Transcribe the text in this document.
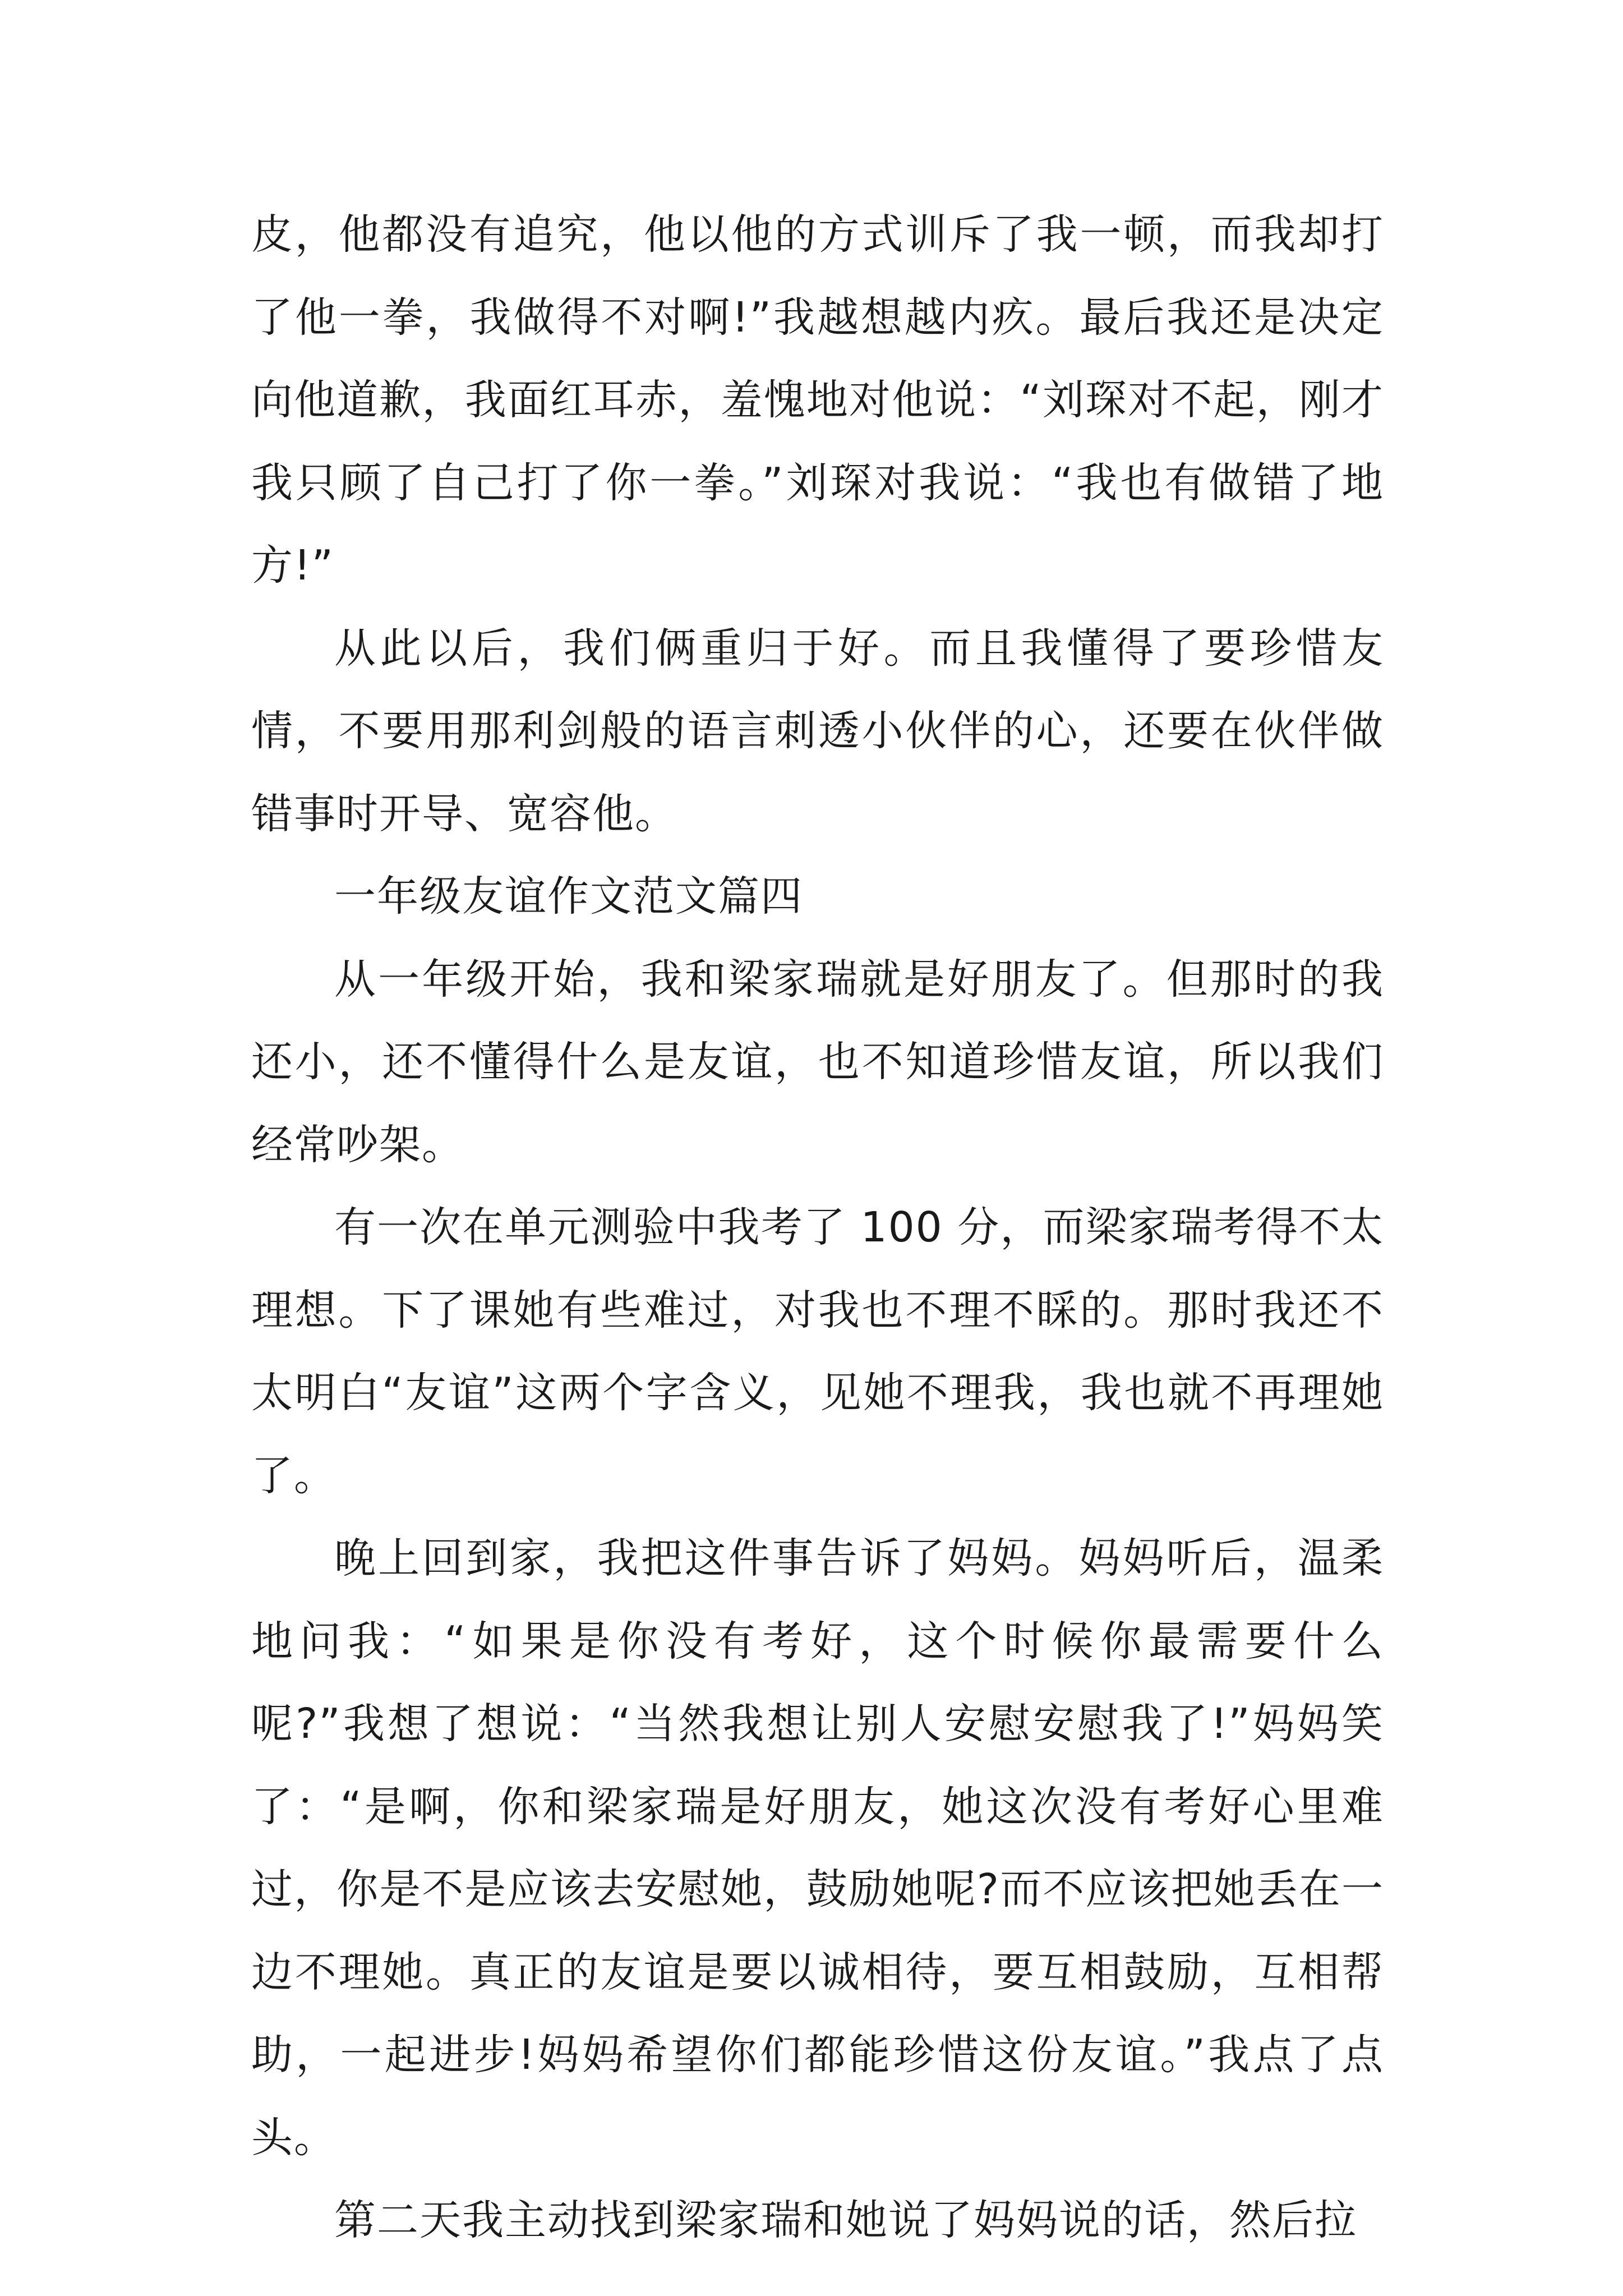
皮，他都没有追究，他以他的方式训斥了我一顿，而我却打了他一拳，我做得不对啊!”我越想越内疚。最后我还是决定向他道歉，我面红耳赤，羞愧地对他说：“刘琛对不起，刚才我只顾了自己打了你一拳。”刘琛对我说：“我也有做错了地方!”

从此以后，我们俩重归于好。而且我懂得了要珍惜友情，不要用那利剑般的语言刺透小伙伴的心，还要在伙伴做错事时开导、宽容他。

一年级友谊作文范文篇四

从一年级开始，我和梁家瑞就是好朋友了。但那时的我还小，还不懂得什么是友谊，也不知道珍惜友谊，所以我们经常吵架。

有一次在单元测验中我考了 100 分，而梁家瑞考得不太理想。下了课她有些难过，对我也不理不睬的。那时我还不太明白“友谊”这两个字含义，见她不理我，我也就不再理她了。

晚上回到家，我把这件事告诉了妈妈。妈妈听后，温柔地问我：“如果是你没有考好，这个时候你最需要什么呢?”我想了想说：“当然我想让别人安慰安慰我了!”妈妈笑了：“是啊，你和梁家瑞是好朋友，她这次没有考好心里难过，你是不是应该去安慰她，鼓励她呢?而不应该把她丢在一边不理她。真正的友谊是要以诚相待，要互相鼓励，互相帮助，一起进步!妈妈希望你们都能珍惜这份友谊。”我点了点头。

第二天我主动找到梁家瑞和她说了妈妈说的话，然后拉
